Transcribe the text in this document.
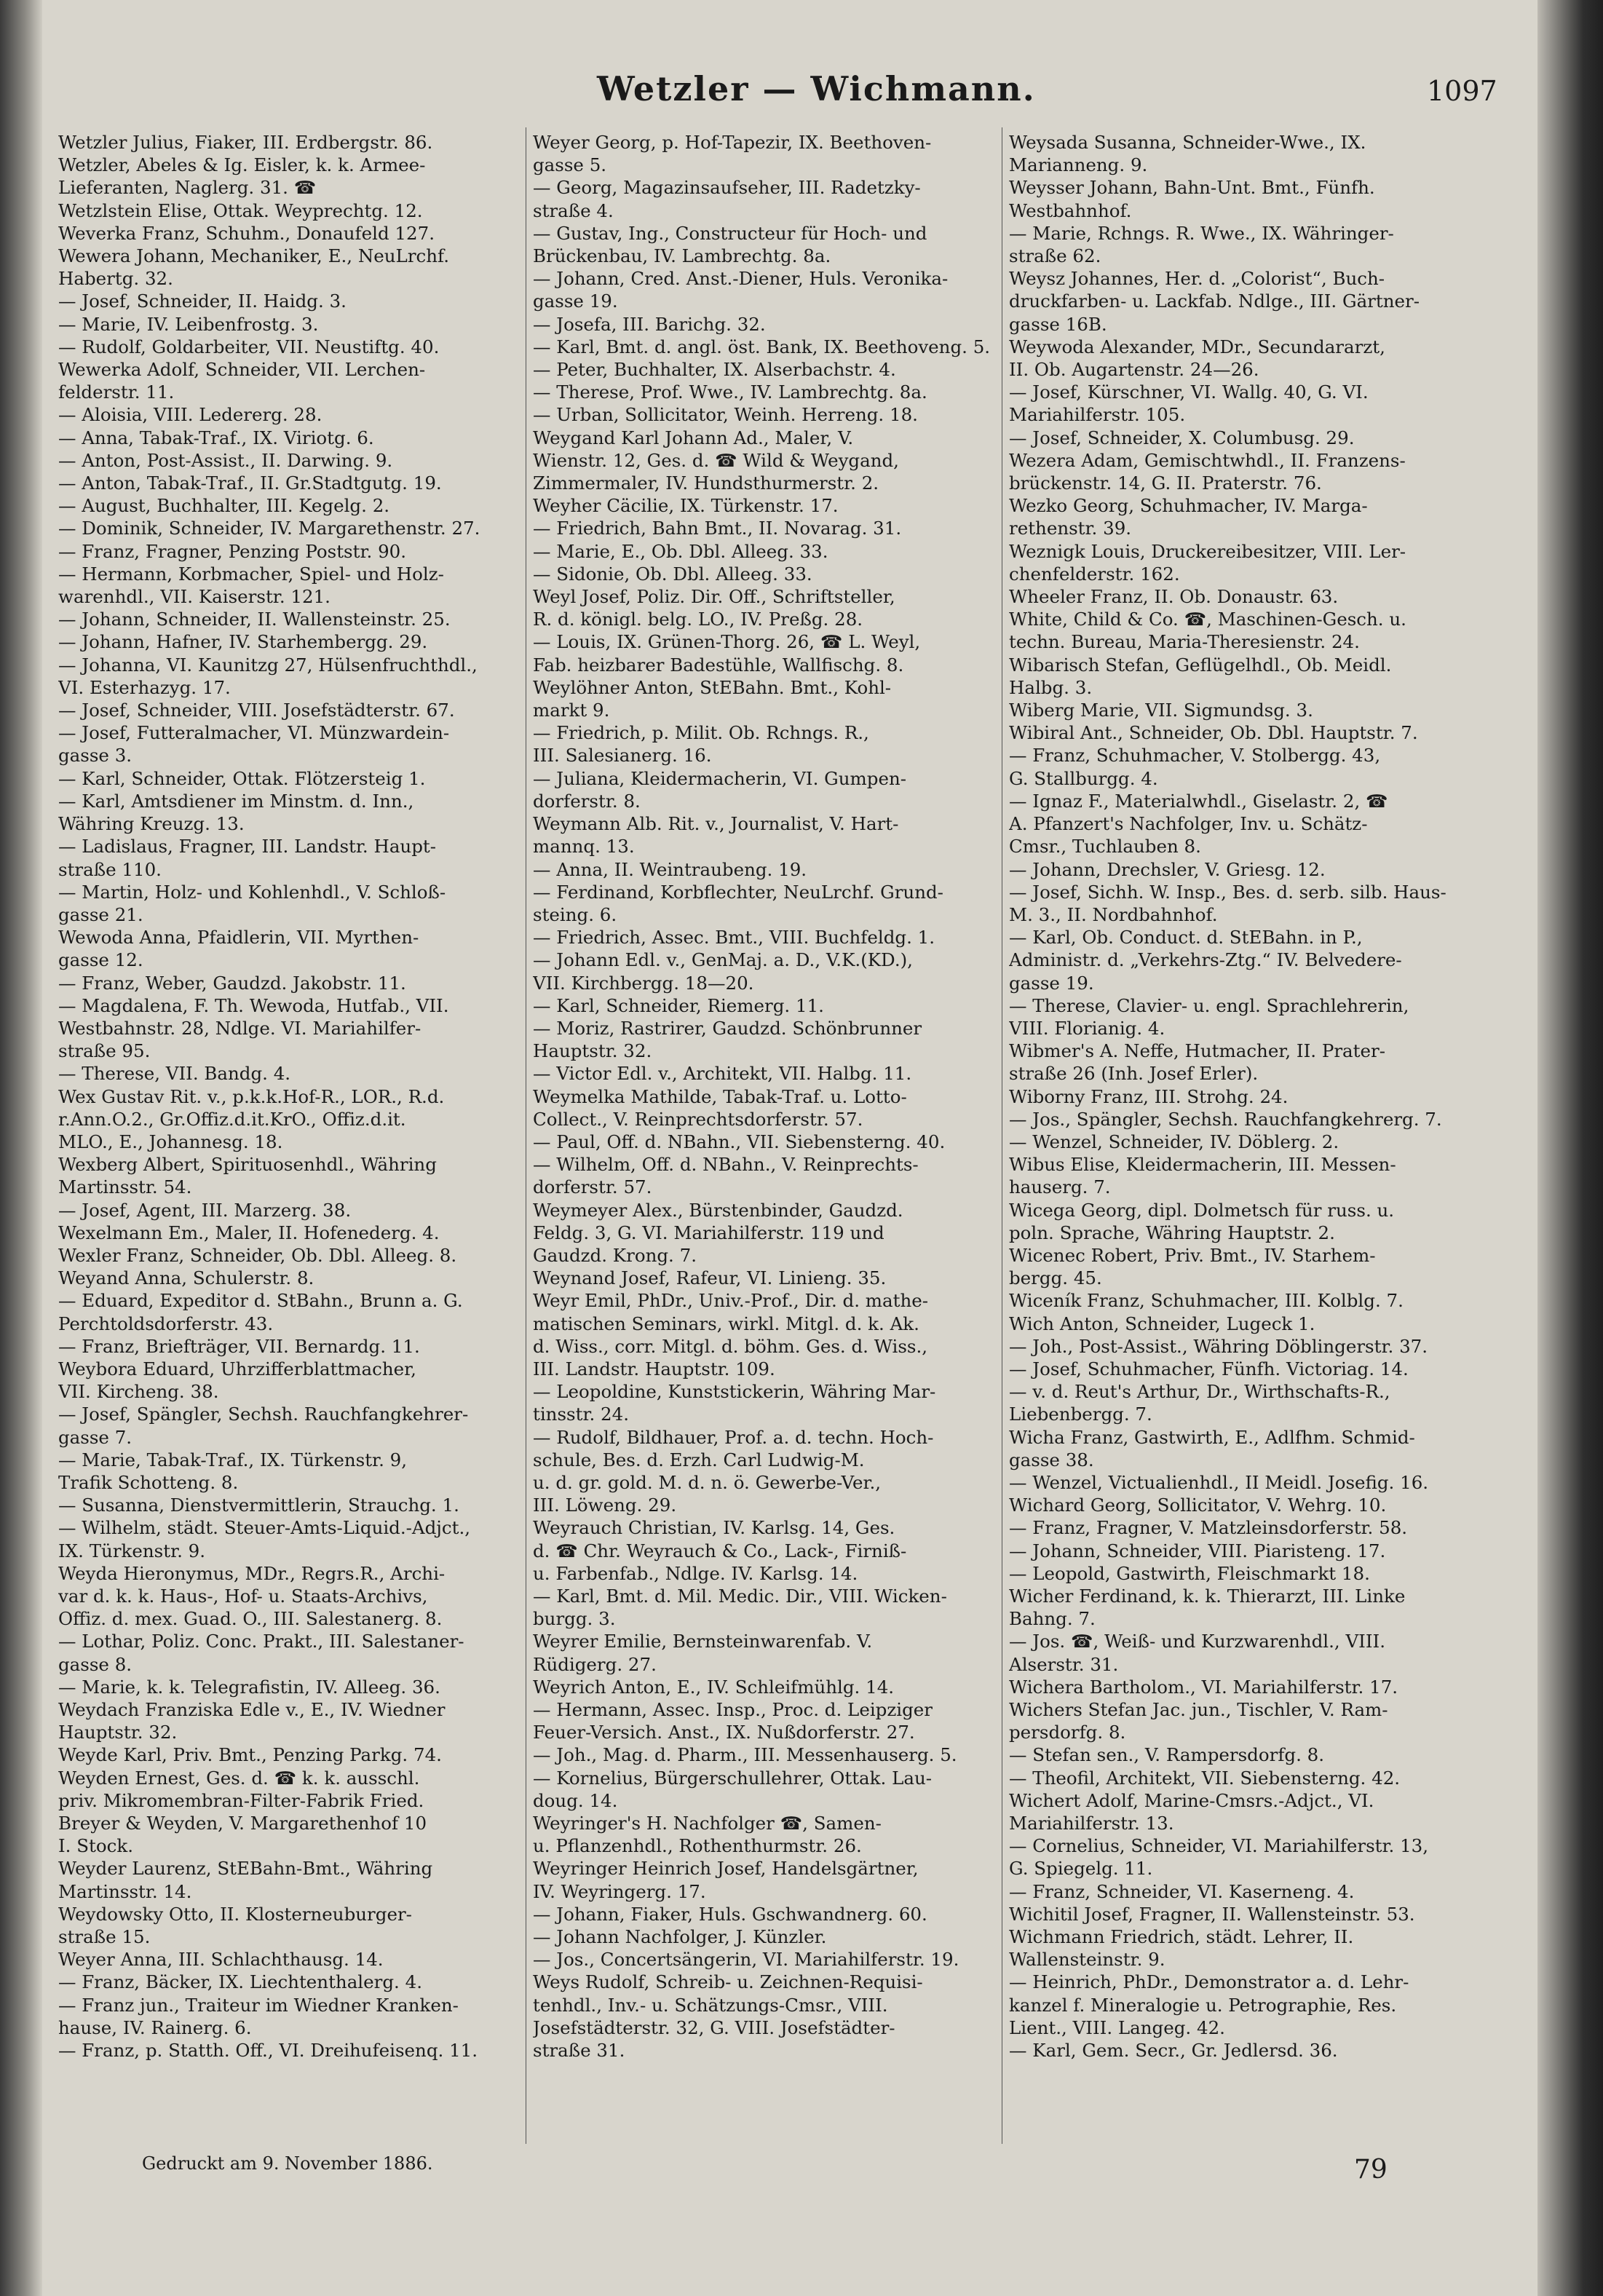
Wetzler — Wichmann.	1097
Wetzler Julius, Fiaker, III. Erdbergstr. 86.
Wetzler, Abeles & Ig. Eisler, k. k. Armee-
Lieferanten, Naglerg. 31. ☎
Wetzlstein Elise, Ottak. Weyprechtg. 12.
Weverka Franz, Schuhm., Donaufeld 127.
Wewera Johann, Mechaniker, E., NeuLrchf.
Habertg. 32.
— Josef, Schneider, II. Haidg. 3.
— Marie, IV. Leibenfrostg. 3.
— Rudolf, Goldarbeiter, VII. Neustiftg. 40.
Wewerka Adolf, Schneider, VII. Lerchen-
felderstr. 11.
— Aloisia, VIII. Ledererg. 28.
— Anna, Tabak-Traf., IX. Viriotg. 6.
— Anton, Post-Assist., II. Darwing. 9.
— Anton, Tabak-Traf., II. Gr.Stadtgutg. 19.
— August, Buchhalter, III. Kegelg. 2.
— Dominik, Schneider, IV. Margarethenstr. 27.
— Franz, Fragner, Penzing Poststr. 90.
— Hermann, Korbmacher, Spiel- und Holz-
warenhdl., VII. Kaiserstr. 121.
— Johann, Schneider, II. Wallensteinstr. 25.
— Johann, Hafner, IV. Starhembergg. 29.
— Johanna, VI. Kaunitzg 27, Hülsenfruchthdl.,
VI. Esterhazyg. 17.
— Josef, Schneider, VIII. Josefstädterstr. 67.
— Josef, Futteralmacher, VI. Münzwardein-
gasse 3.
— Karl, Schneider, Ottak. Flötzersteig 1.
— Karl, Amtsdiener im Minstm. d. Inn.,
Währing Kreuzg. 13.
— Ladislaus, Fragner, III. Landstr. Haupt-
straße 110.
— Martin, Holz- und Kohlenhdl., V. Schloß-
gasse 21.
Wewoda Anna, Pfaidlerin, VII. Myrthen-
gasse 12.
— Franz, Weber, Gaudzd. Jakobstr. 11.
— Magdalena, F. Th. Wewoda, Hutfab., VII.
Westbahnstr. 28, Ndlge. VI. Mariahilfer-
straße 95.
— Therese, VII. Bandg. 4.
Wex Gustav Rit. v., p.k.k.Hof-R., LOR., R.d.
r.Ann.O.2., Gr.Offiz.d.it.KrO., Offiz.d.it.
MLO., E., Johannesg. 18.
Wexberg Albert, Spirituosenhdl., Währing
Martinsstr. 54.
— Josef, Agent, III. Marzerg. 38.
Wexelmann Em., Maler, II. Hofenederg. 4.
Wexler Franz, Schneider, Ob. Dbl. Alleeg. 8.
Weyand Anna, Schulerstr. 8.
— Eduard, Expeditor d. StBahn., Brunn a. G.
Perchtoldsdorferstr. 43.
— Franz, Briefträger, VII. Bernardg. 11.
Weybora Eduard, Uhrzifferblattmacher,
VII. Kircheng. 38.
— Josef, Spängler, Sechsh. Rauchfangkehrer-
gasse 7.
— Marie, Tabak-Traf., IX. Türkenstr. 9,
Trafik Schotteng. 8.
— Susanna, Dienstvermittlerin, Strauchg. 1.
— Wilhelm, städt. Steuer-Amts-Liquid.-Adjct.,
IX. Türkenstr. 9.
Weyda Hieronymus, MDr., Regrs.R., Archi-
var d. k. k. Haus-, Hof- u. Staats-Archivs,
Offiz. d. mex. Guad. O., III. Salestanerg. 8.
— Lothar, Poliz. Conc. Prakt., III. Salestaner-
gasse 8.
— Marie, k. k. Telegrafistin, IV. Alleeg. 36.
Weydach Franziska Edle v., E., IV. Wiedner
Hauptstr. 32.
Weyde Karl, Priv. Bmt., Penzing Parkg. 74.
Weyden Ernest, Ges. d. ☎ k. k. ausschl.
priv. Mikromembran-Filter-Fabrik Fried.
Breyer & Weyden, V. Margarethenhof 10
I. Stock.
Weyder Laurenz, StEBahn-Bmt., Währing
Martinsstr. 14.
Weydowsky Otto, II. Klosterneuburger-
straße 15.
Weyer Anna, III. Schlachthausg. 14.
— Franz, Bäcker, IX. Liechtenthalerg. 4.
— Franz jun., Traiteur im Wiedner Kranken-
hause, IV. Rainerg. 6.
— Franz, p. Statth. Off., VI. Dreihufeisenq. 11.
Weyer Georg, p. Hof-Tapezir, IX. Beethoven-
gasse 5.
— Georg, Magazinsaufseher, III. Radetzky-
straße 4.
— Gustav, Ing., Constructeur für Hoch- und
Brückenbau, IV. Lambrechtg. 8a.
— Johann, Cred. Anst.-Diener, Huls. Veronika-
gasse 19.
— Josefa, III. Barichg. 32.
— Karl, Bmt. d. angl. öst. Bank, IX. Beethoveng. 5.
— Peter, Buchhalter, IX. Alserbachstr. 4.
— Therese, Prof. Wwe., IV. Lambrechtg. 8a.
— Urban, Sollicitator, Weinh. Herreng. 18.
Weygand Karl Johann Ad., Maler, V.
Wienstr. 12, Ges. d. ☎ Wild & Weygand,
Zimmermaler, IV. Hundsthurmerstr. 2.
Weyher Cäcilie, IX. Türkenstr. 17.
— Friedrich, Bahn Bmt., II. Novarag. 31.
— Marie, E., Ob. Dbl. Alleeg. 33.
— Sidonie, Ob. Dbl. Alleeg. 33.
Weyl Josef, Poliz. Dir. Off., Schriftsteller,
R. d. königl. belg. LO., IV. Preßg. 28.
— Louis, IX. Grünen-Thorg. 26, ☎ L. Weyl,
Fab. heizbarer Badestühle, Wallfischg. 8.
Weylöhner Anton, StEBahn. Bmt., Kohl-
markt 9.
— Friedrich, p. Milit. Ob. Rchngs. R.,
III. Salesianerg. 16.
— Juliana, Kleidermacherin, VI. Gumpen-
dorferstr. 8.
Weymann Alb. Rit. v., Journalist, V. Hart-
mannq. 13.
— Anna, II. Weintraubeng. 19.
— Ferdinand, Korbflechter, NeuLrchf. Grund-
steing. 6.
— Friedrich, Assec. Bmt., VIII. Buchfeldg. 1.
— Johann Edl. v., GenMaj. a. D., V.K.(KD.),
VII. Kirchbergg. 18—20.
— Karl, Schneider, Riemerg. 11.
— Moriz, Rastrirer, Gaudzd. Schönbrunner
Hauptstr. 32.
— Victor Edl. v., Architekt, VII. Halbg. 11.
Weymelka Mathilde, Tabak-Traf. u. Lotto-
Collect., V. Reinprechtsdorferstr. 57.
— Paul, Off. d. NBahn., VII. Siebensterng. 40.
— Wilhelm, Off. d. NBahn., V. Reinprechts-
dorferstr. 57.
Weymeyer Alex., Bürstenbinder, Gaudzd.
Feldg. 3, G. VI. Mariahilferstr. 119 und
Gaudzd. Krong. 7.
Weynand Josef, Rafeur, VI. Linieng. 35.
Weyr Emil, PhDr., Univ.-Prof., Dir. d. mathe-
matischen Seminars, wirkl. Mitgl. d. k. Ak.
d. Wiss., corr. Mitgl. d. böhm. Ges. d. Wiss.,
III. Landstr. Hauptstr. 109.
— Leopoldine, Kunststickerin, Währing Mar-
tinsstr. 24.
— Rudolf, Bildhauer, Prof. a. d. techn. Hoch-
schule, Bes. d. Erzh. Carl Ludwig-M.
u. d. gr. gold. M. d. n. ö. Gewerbe-Ver.,
III. Löweng. 29.
Weyrauch Christian, IV. Karlsg. 14, Ges.
d. ☎ Chr. Weyrauch & Co., Lack-, Firniß-
u. Farbenfab., Ndlge. IV. Karlsg. 14.
— Karl, Bmt. d. Mil. Medic. Dir., VIII. Wicken-
burgg. 3.
Weyrer Emilie, Bernsteinwarenfab. V.
Rüdigerg. 27.
Weyrich Anton, E., IV. Schleifmühlg. 14.
— Hermann, Assec. Insp., Proc. d. Leipziger
Feuer-Versich. Anst., IX. Nußdorferstr. 27.
— Joh., Mag. d. Pharm., III. Messenhauserg. 5.
— Kornelius, Bürgerschullehrer, Ottak. Lau-
doug. 14.
Weyringer's H. Nachfolger ☎, Samen-
u. Pflanzenhdl., Rothenthurmstr. 26.
Weyringer Heinrich Josef, Handelsgärtner,
IV. Weyringerg. 17.
— Johann, Fiaker, Huls. Gschwandnerg. 60.
— Johann Nachfolger, J. Künzler.
— Jos., Concertsängerin, VI. Mariahilferstr. 19.
Weys Rudolf, Schreib- u. Zeichnen-Requisi-
tenhdl., Inv.- u. Schätzungs-Cmsr., VIII.
Josefstädterstr. 32, G. VIII. Josefstädter-
straße 31.
Weysada Susanna, Schneider-Wwe., IX.
Marianneng. 9.
Weysser Johann, Bahn-Unt. Bmt., Fünfh.
Westbahnhof.
— Marie, Rchngs. R. Wwe., IX. Währinger-
straße 62.
Weysz Johannes, Her. d. „Colorist“, Buch-
druckfarben- u. Lackfab. Ndlge., III. Gärtner-
gasse 16B.
Weywoda Alexander, MDr., Secundararzt,
II. Ob. Augartenstr. 24—26.
— Josef, Kürschner, VI. Wallg. 40, G. VI.
Mariahilferstr. 105.
— Josef, Schneider, X. Columbusg. 29.
Wezera Adam, Gemischtwhdl., II. Franzens-
brückenstr. 14, G. II. Praterstr. 76.
Wezko Georg, Schuhmacher, IV. Marga-
rethenstr. 39.
Weznigk Louis, Druckereibesitzer, VIII. Ler-
chenfelderstr. 162.
Wheeler Franz, II. Ob. Donaustr. 63.
White, Child & Co. ☎, Maschinen-Gesch. u.
techn. Bureau, Maria-Theresienstr. 24.
Wibarisch Stefan, Geflügelhdl., Ob. Meidl.
Halbg. 3.
Wiberg Marie, VII. Sigmundsg. 3.
Wibiral Ant., Schneider, Ob. Dbl. Hauptstr. 7.
— Franz, Schuhmacher, V. Stolbergg. 43,
G. Stallburgg. 4.
— Ignaz F., Materialwhdl., Giselastr. 2, ☎
A. Pfanzert's Nachfolger, Inv. u. Schätz-
Cmsr., Tuchlauben 8.
— Johann, Drechsler, V. Griesg. 12.
— Josef, Sichh. W. Insp., Bes. d. serb. silb. Haus-
M. 3., II. Nordbahnhof.
— Karl, Ob. Conduct. d. StEBahn. in P.,
Administr. d. „Verkehrs-Ztg.“ IV. Belvedere-
gasse 19.
— Therese, Clavier- u. engl. Sprachlehrerin,
VIII. Florianig. 4.
Wibmer's A. Neffe, Hutmacher, II. Prater-
straße 26 (Inh. Josef Erler).
Wiborny Franz, III. Strohg. 24.
— Jos., Spängler, Sechsh. Rauchfangkehrerg. 7.
— Wenzel, Schneider, IV. Döblerg. 2.
Wibus Elise, Kleidermacherin, III. Messen-
hauserg. 7.
Wicega Georg, dipl. Dolmetsch für russ. u.
poln. Sprache, Währing Hauptstr. 2.
Wicenec Robert, Priv. Bmt., IV. Starhem-
bergg. 45.
Wiceník Franz, Schuhmacher, III. Kolblg. 7.
Wich Anton, Schneider, Lugeck 1.
— Joh., Post-Assist., Währing Döblingerstr. 37.
— Josef, Schuhmacher, Fünfh. Victoriag. 14.
— v. d. Reut's Arthur, Dr., Wirthschafts-R.,
Liebenbergg. 7.
Wicha Franz, Gastwirth, E., Adlfhm. Schmid-
gasse 38.
— Wenzel, Victualienhdl., II Meidl. Josefig. 16.
Wichard Georg, Sollicitator, V. Wehrg. 10.
— Franz, Fragner, V. Matzleinsdorferstr. 58.
— Johann, Schneider, VIII. Piaristeng. 17.
— Leopold, Gastwirth, Fleischmarkt 18.
Wicher Ferdinand, k. k. Thierarzt, III. Linke
Bahng. 7.
— Jos. ☎, Weiß- und Kurzwarenhdl., VIII.
Alserstr. 31.
Wichera Bartholom., VI. Mariahilferstr. 17.
Wichers Stefan Jac. jun., Tischler, V. Ram-
persdorfg. 8.
— Stefan sen., V. Rampersdorfg. 8.
— Theofil, Architekt, VII. Siebensterng. 42.
Wichert Adolf, Marine-Cmsrs.-Adjct., VI.
Mariahilferstr. 13.
— Cornelius, Schneider, VI. Mariahilferstr. 13,
G. Spiegelg. 11.
— Franz, Schneider, VI. Kaserneng. 4.
Wichitil Josef, Fragner, II. Wallensteinstr. 53.
Wichmann Friedrich, städt. Lehrer, II.
Wallensteinstr. 9.
— Heinrich, PhDr., Demonstrator a. d. Lehr-
kanzel f. Mineralogie u. Petrographie, Res.
Lient., VIII. Langeg. 42.
— Karl, Gem. Secr., Gr. Jedlersd. 36.
Gedruckt am 9. November 1886.	79
